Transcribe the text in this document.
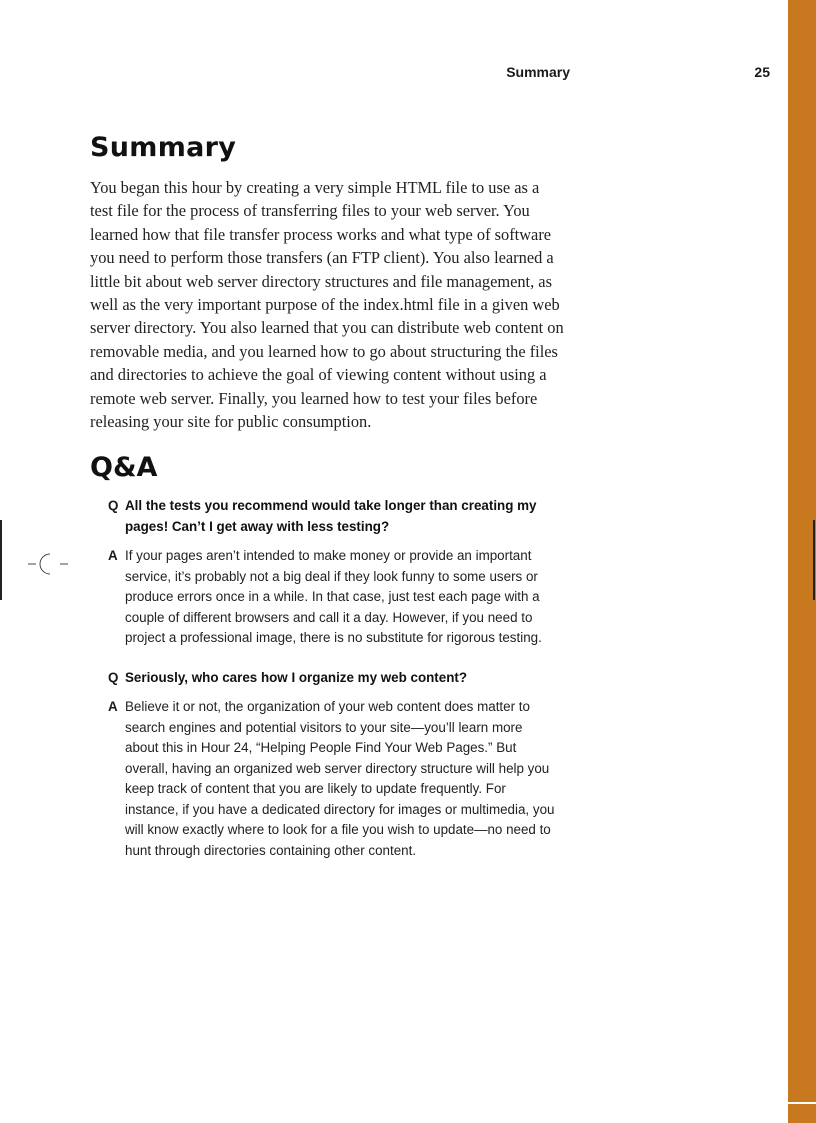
Summary	25
Summary
You began this hour by creating a very simple HTML file to use as a test file for the process of transferring files to your web server. You learned how that file transfer process works and what type of software you need to perform those transfers (an FTP client). You also learned a little bit about web server directory structures and file management, as well as the very important purpose of the index.html file in a given web server directory. You also learned that you can distribute web content on removable media, and you learned how to go about structuring the files and directories to achieve the goal of viewing content without using a remote web server. Finally, you learned how to test your files before releasing your site for public consumption.
Q&A
Q All the tests you recommend would take longer than creating my pages! Can’t I get away with less testing?
A If your pages aren’t intended to make money or provide an important service, it’s probably not a big deal if they look funny to some users or produce errors once in a while. In that case, just test each page with a couple of different browsers and call it a day. However, if you need to project a professional image, there is no substitute for rigorous testing.
Q Seriously, who cares how I organize my web content?
A Believe it or not, the organization of your web content does matter to search engines and potential visitors to your site—you’ll learn more about this in Hour 24, “Helping People Find Your Web Pages.” But overall, having an organized web server directory structure will help you keep track of content that you are likely to update frequently. For instance, if you have a dedicated directory for images or multimedia, you will know exactly where to look for a file you wish to update—no need to hunt through directories containing other content.
